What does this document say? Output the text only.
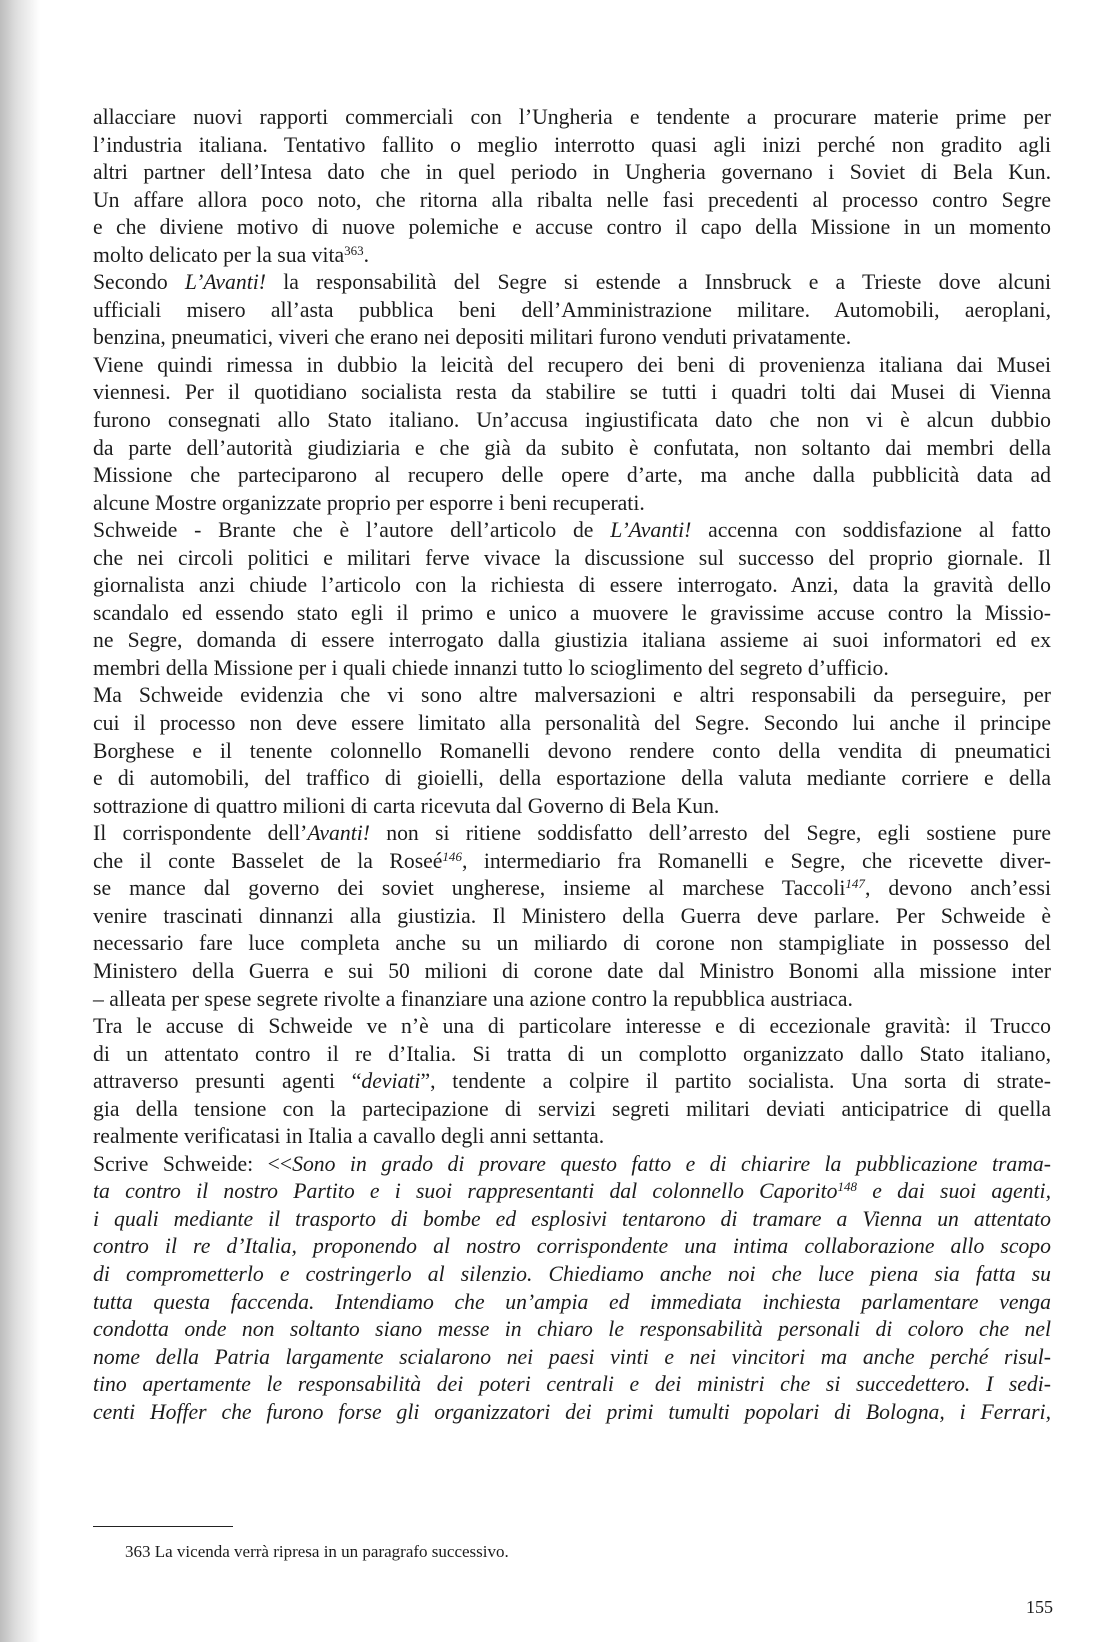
allacciare nuovi rapporti commerciali con l’Ungheria e tendente a procurare materie prime per
l’industria italiana. Tentativo fallito o meglio interrotto quasi agli inizi perché non gradito agli
altri partner dell’Intesa dato che in quel periodo in Ungheria governano i Soviet di Bela Kun.
Un affare allora poco noto, che ritorna alla ribalta nelle fasi precedenti al processo contro Segre
e che diviene motivo di nuove polemiche e accuse contro il capo della Missione in un momento
molto delicato per la sua vita$^{363}$.

Secondo L’Avanti! la responsabilità del Segre si estende a Innsbruck e a Trieste dove alcuni
ufficiali misero all’asta pubblica beni dell’Amministrazione militare. Automobili, aeroplani,
benzina, pneumatici, viveri che erano nei depositi militari furono venduti privatamente.

Viene quindi rimessa in dubbio la leicità del recupero dei beni di provenienza italiana dai Musei
viennesi. Per il quotidiano socialista resta da stabilire se tutti i quadri tolti dai Musei di Vienna
furono consegnati allo Stato italiano. Un’accusa ingiustificata dato che non vi è alcun dubbio
da parte dell’autorità giudiziaria e che già da subito è confutata, non soltanto dai membri della
Missione che parteciparono al recupero delle opere d’arte, ma anche dalla pubblicità data ad
alcune Mostre organizzate proprio per esporre i beni recuperati.

Schweide - Brante che è l’autore dell’articolo de L’Avanti! accenna con soddisfazione al fatto
che nei circoli politici e militari ferve vivace la discussione sul successo del proprio giornale. Il
giornalista anzi chiude l’articolo con la richiesta di essere interrogato. Anzi, data la gravità dello
scandalo ed essendo stato egli il primo e unico a muovere le gravissime accuse contro la Missio-
ne Segre, domanda di essere interrogato dalla giustizia italiana assieme ai suoi informatori ed ex
membri della Missione per i quali chiede innanzi tutto lo scioglimento del segreto d’ufficio.

Ma Schweide evidenzia che vi sono altre malversazioni e altri responsabili da perseguire, per
cui il processo non deve essere limitato alla personalità del Segre. Secondo lui anche il principe
Borghese e il tenente colonnello Romanelli devono rendere conto della vendita di pneumatici
e di automobili, del traffico di gioielli, della esportazione della valuta mediante corriere e della
sottrazione di quattro milioni di carta ricevuta dal Governo di Bela Kun.

Il corrispondente dell’Avanti! non si ritiene soddisfatto dell’arresto del Segre, egli sostiene pure
che il conte Basselet de la Roseé$^{146}$, intermediario fra Romanelli e Segre, che ricevette diver-
se mance dal governo dei soviet ungherese, insieme al marchese Taccoli$^{147}$, devono anch’essi
venire trascinati dinnanzi alla giustizia. Il Ministero della Guerra deve parlare. Per Schweide è
necessario fare luce completa anche su un miliardo di corone non stampigliate in possesso del
Ministero della Guerra e sui 50 milioni di corone date dal Ministro Bonomi alla missione inter
– alleata per spese segrete rivolte a finanziare una azione contro la repubblica austriaca.

Tra le accuse di Schweide ve n’è una di particolare interesse e di eccezionale gravità: il Trucco
di un attentato contro il re d’Italia. Si tratta di un complotto organizzato dallo Stato italiano,
attraverso presunti agenti “deviati”, tendente a colpire il partito socialista. Una sorta di strate-
gia della tensione con la partecipazione di servizi segreti militari deviati anticipatrice di quella
realmente verificatasi in Italia a cavallo degli anni settanta.

Scrive Schweide: <<Sono in grado di provare questo fatto e di chiarire la pubblicazione trama-
ta contro il nostro Partito e i suoi rappresentanti dal colonnello Caporito$^{148}$ e dai suoi agenti,
i quali mediante il trasporto di bombe ed esplosivi tentarono di tramare a Vienna un attentato
contro il re d’Italia, proponendo al nostro corrispondente una intima collaborazione allo scopo
di comprometterlo e costringerlo al silenzio. Chiediamo anche noi che luce piena sia fatta su
tutta questa faccenda. Intendiamo che un’ampia ed immediata inchiesta parlamentare venga
condotta onde non soltanto siano messe in chiaro le responsabilità personali di coloro che nel
nome della Patria largamente scialarono nei paesi vinti e nei vincitori ma anche perché risul-
tino apertamente le responsabilità dei poteri centrali e dei ministri che si succedettero. I sedi-
centi Hoffer che furono forse gli organizzatori dei primi tumulti popolari di Bologna, i Ferrari,

363 La vicenda verrà ripresa in un paragrafo successivo.
155
